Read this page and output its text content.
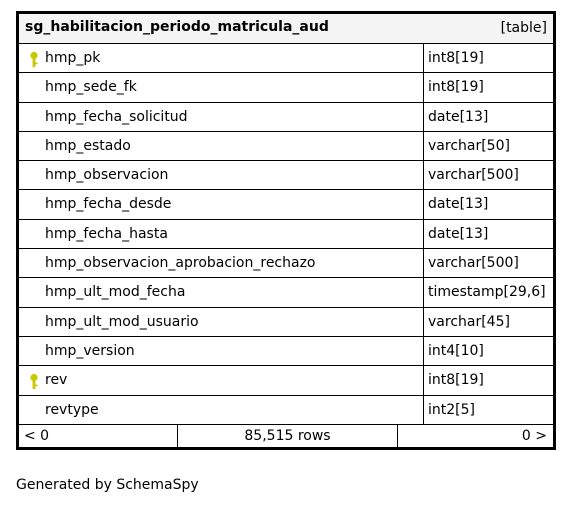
sg_habilitacion_periodo_matricula_aud	[table]
hmp_pk	int8[19]
hmp_sede_fk	int8[19]
hmp_fecha_solicitud	date[13]
hmp_estado	varchar[50]
hmp_observacion	varchar[500]
hmp_fecha_desde	date[13]
hmp_fecha_hasta	date[13]
hmp_observacion_aprobacion_rechazo	varchar[500]
hmp_ult_mod_fecha	timestamp[29,6]
hmp_ult_mod_usuario	varchar[45]
hmp_version	int4[10]
rev	int8[19]
revtype	int2[5]
< 0	85,515 rows	0 >
Generated by SchemaSpy
